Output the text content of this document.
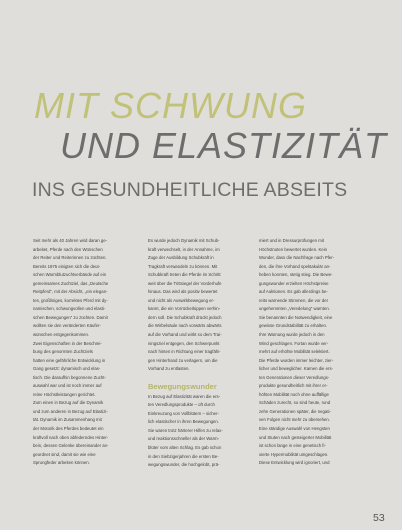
MIT SCHWUNG
UND ELASTIZITÄT
INS GESUNDHEITLICHE ABSEITS

Seit mehr als 40 Jahren wird daran ge-

arbeitet, Pferde nach den Wünschen

der Reiter und Reiterinnen zu züchten.

Bereits 1975 einigten sich die deut-

schen Warmblutzuchtverbände auf ein

gemeinsames Zuchtziel, das „Deutsche

Reitpferd“, mit der Absicht, „ein elegan-

tes, großliniges, korrektes Pferd mit dy-

namischen, schwungvollen und elasti-

schen Bewegungen“ zu züchten. Damit

wollten sie den veränderten Käufer-

wünschen entgegenkommen.

Zwei Eigenschaften in der Beschrei-

bung des genormten Zuchtziels

hatten eine gefährliche Entwicklung in

Gang gesetzt: dynamisch und elas-

tisch. Die daraufhin begonnene Zucht-

auswahl war und ist noch immer auf

reine Höchstleistungen gerichtet.

Zum einen in Bezug auf die Dynamik

und zum anderen in Bezug auf Elastizi-

tät. Dynamik im Zusammenhang mit

der Motorik des Pferdes bedeutet ein

kraftvoll nach oben abfederndes Hinter-

bein, dessen Gelenke übereinander an-

geordnet sind, damit sie wie eine

Sprungfeder arbeiten können.

Es wurde jedoch Dynamik mit Schub-

kraft verwechselt, in der Annahme, im

Zuge der Ausbildung Schubkraft in

Tragkraft verwandeln zu können. Mit

Schubkraft treten die Pferde im Schritt

weit über die Trittsiegel der Vorderhufe

hinaus. Das wird als positiv bewertet

und nicht als Auswirkbewegung er-

kannt, die ein Vorrückerkippen verhin-

dern soll. Die Schubkraft drückt jedoch

die Wirbelsäule nach vorwärts abwärts

auf die Vorhand und wirkt so dem Trai-

ningsziel entgegen, den Schwerpunkt

nach hinten in Richtung einer tragfähi-

gen Hinterhand zu verlagern, um die

Vorhand zu entlasten.

Bewegungswunder

In Bezug auf Elastizität waren die ers-

ten Veredlungsprodukte – oft durch

Einkreuzung von Vollblütern – sicher-

lich elastischer in ihren Bewegungen.

Sie waren trotz härterer Hilfen zu relax-

und reaktionsschneller als der Warm-

blüter vom alten Schlag. Es gab schon

in den Siebzigerjahren die ersten Be-

wegungswunder, die hochgelobt, prä-

miert und in Dressurprüfungen mit

Höchstnoten bewertet wurden. Kein

Wunder, dass die Nachfrage nach Pfer-

den, die ihre Vorhand spektakulär an-

heben konnten, stetig stieg. Die Bewe-

gungswunder erzielten Höchstpreise

auf Auktionen. Es gab allerdings be-

reits warnende Stimmen, die vor der

ungehemmten „Veredelung“ warnten.

Sie benannten die Notwendigkeit, eine

gewisse Grundstabilität zu erhalten.

Ihre Warnung wurde jedoch in den

Wind geschlagen. Fortan wurde ver-

mehrt auf erhöhte Mobilität selektiert.

Die Pferde wurden immer leichter, zier-

licher und beweglicher. Kamen die ers-

ten Generationen dieser Veredlungs-

produkte gesundheitlich mit ihrer er-

höhten Mobilität noch ohne auffällige

Schäden zurecht, so sind heute, rund

zehn Generationen später, die negati-

ven Folgen nicht mehr zu übersehen.

Eine ständige Auswahl von Hengsten

und Stuten nach gesteigerter Mobilität

ist schon lange in eine genetisch fi-

xierte Hypermobilität umgeschlagen.

Diese Entwicklung wird ignoriert, und

53
